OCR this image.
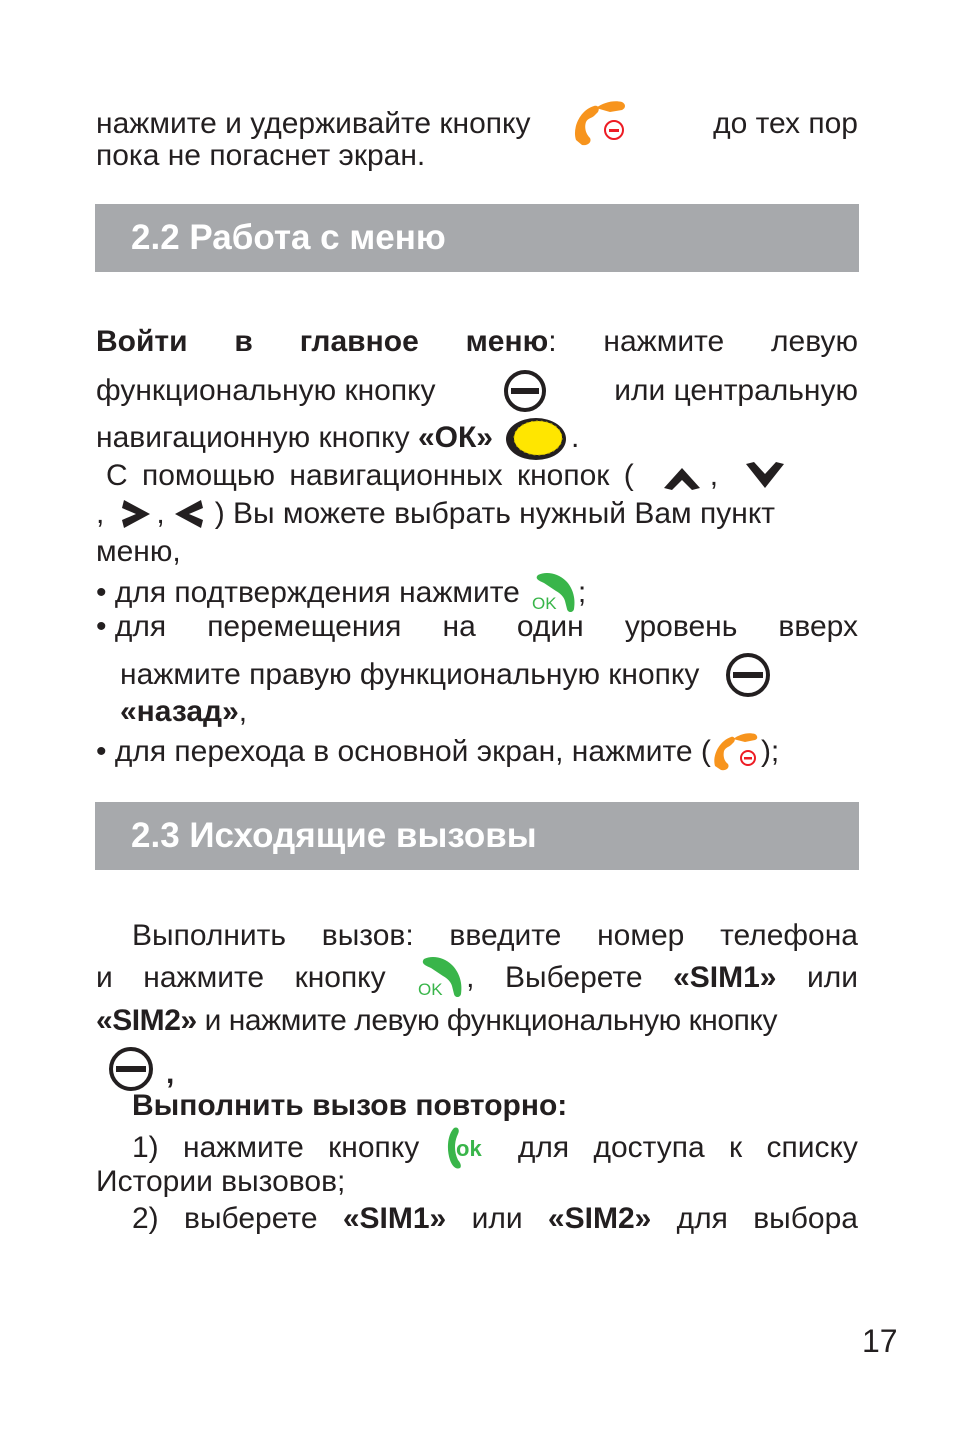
нажмите и удерживайте кнопку	до тех пор
пока не погаснет экран.
2.2 Работа с меню
Войти в главное меню: нажмите левую
функциональную кнопку	или центральную
навигационную кнопку «ОК»	.
С помощью навигационных кнопок (	,
, , ) Вы можете выбрать нужный Вам пункт
меню,
• для подтверждения нажмите OK ;
• для перемещения на один уровень вверх
нажмите правую функциональную кнопку
«назад» ,
• для перехода в основной экран, нажмите ( );
2.3 Исходящие вызовы
Выполнить вызов: введите номер телефона
и нажмите кнопку OK , Выберете «SIM1» или
«SIM2» и нажмите левую функциональную кнопку
,
Выполнить вызов повторно:
1) нажмите кнопку ok для доступа к списку
Истории вызовов;
2) выберете «SIM1» или «SIM2» для выбора
17
